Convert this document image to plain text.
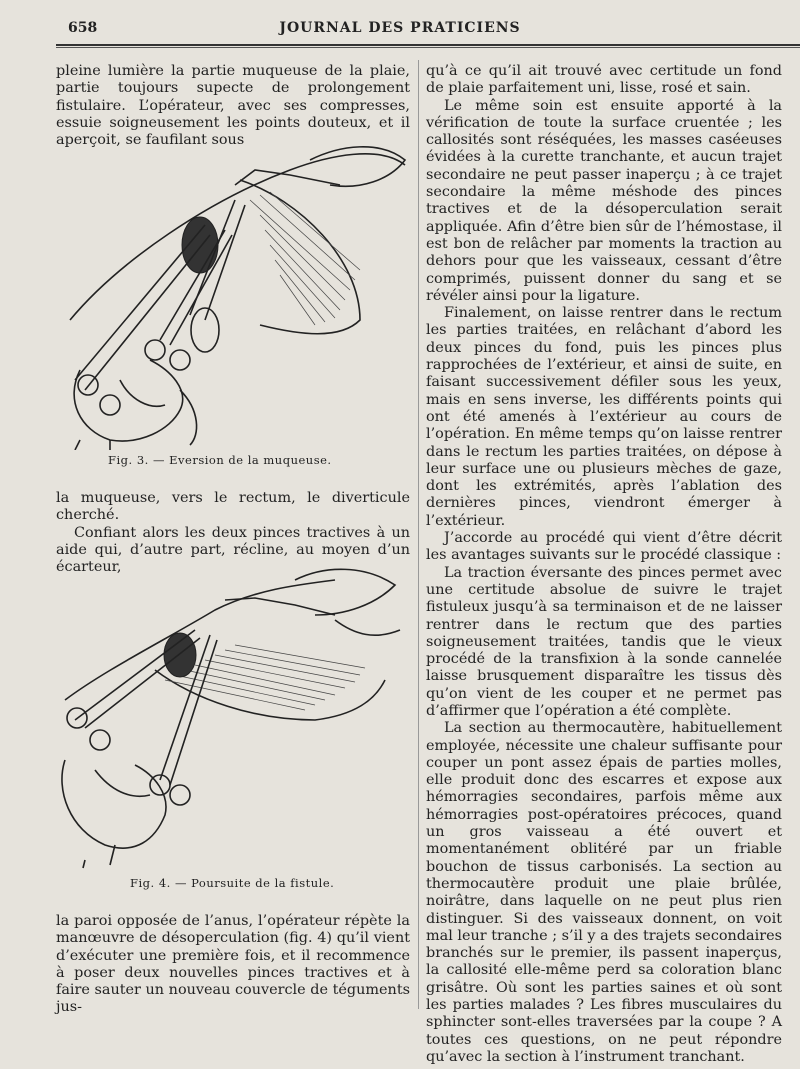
658	JOURNAL DES PRATICIENS

pleine lumière la partie muqueuse de la plaie, partie toujours supecte de prolongement fistulaire. L’opérateur, avec ses compresses, essuie soigneusement les points douteux, et il aperçoit, se faufilant sous

Fig. 3. — Eversion de la muqueuse.

la muqueuse, vers le rectum, le diverticule cherché.

Confiant alors les deux pinces tractives à un aide qui, d’autre part, récline, au moyen d’un écarteur,

Fig. 4. — Poursuite de la fistule.

la paroi opposée de l’anus, l’opérateur répète la manœuvre de désoperculation (fig. 4) qu’il vient d’exécuter une première fois, et il recommence à poser deux nouvelles pinces tractives et à faire sauter un nouveau couvercle de téguments jus-

qu’à ce qu’il ait trouvé avec certitude un fond de plaie parfaitement uni, lisse, rosé et sain.

Le même soin est ensuite apporté à la vérification de toute la surface cruentée ; les callosités sont réséquées, les masses caséeuses évidées à la curette tranchante, et aucun trajet secondaire ne peut passer inaperçu ; à ce trajet secondaire la même méshode des pinces tractives et de la désoperculation serait appliquée. Afin d’être bien sûr de l’hémostase, il est bon de relâcher par moments la traction au dehors pour que les vaisseaux, cessant d’être comprimés, puissent donner du sang et se révéler ainsi pour la ligature.

Finalement, on laisse rentrer dans le rectum les parties traitées, en relâchant d’abord les deux pinces du fond, puis les pinces plus rapprochées de l’extérieur, et ainsi de suite, en faisant successivement défiler sous les yeux, mais en sens inverse, les différents points qui ont été amenés à l’extérieur au cours de l’opération. En même temps qu’on laisse rentrer dans le rectum les parties traitées, on dépose à leur surface une ou plusieurs mèches de gaze, dont les extrémités, après l’ablation des dernières pinces, viendront émerger à l’extérieur.

J’accorde au procédé qui vient d’être décrit les avantages suivants sur le procédé classique :

La traction éversante des pinces permet avec une certitude absolue de suivre le trajet fistuleux jusqu’à sa terminaison et de ne laisser rentrer dans le rectum que des parties soigneusement traitées, tandis que le vieux procédé de la transfixion à la sonde cannelée laisse brusquement disparaître les tissus dès qu’on vient de les couper et ne permet pas d’affirmer que l’opération a été complète.

La section au thermocautère, habituellement employée, nécessite une chaleur suffisante pour couper un pont assez épais de parties molles, elle produit donc des escarres et expose aux hémorragies secondaires, parfois même aux hémorragies post-opératoires précoces, quand un gros vaisseau a été ouvert et momentanément oblitéré par un friable bouchon de tissus carbonisés. La section au thermocautère produit une plaie brûlée, noirâtre, dans laquelle on ne peut plus rien distinguer. Si des vaisseaux donnent, on voit mal leur tranche ; s’il y a des trajets secondaires branchés sur le premier, ils passent inaperçus, la callosité elle-même perd sa coloration blanc grisâtre. Où sont les parties saines et où sont les parties malades ? Les fibres musculaires du sphincter sont-elles traversées par la coupe ? A toutes ces questions, on ne peut répondre qu’avec la section à l’instrument tranchant.
